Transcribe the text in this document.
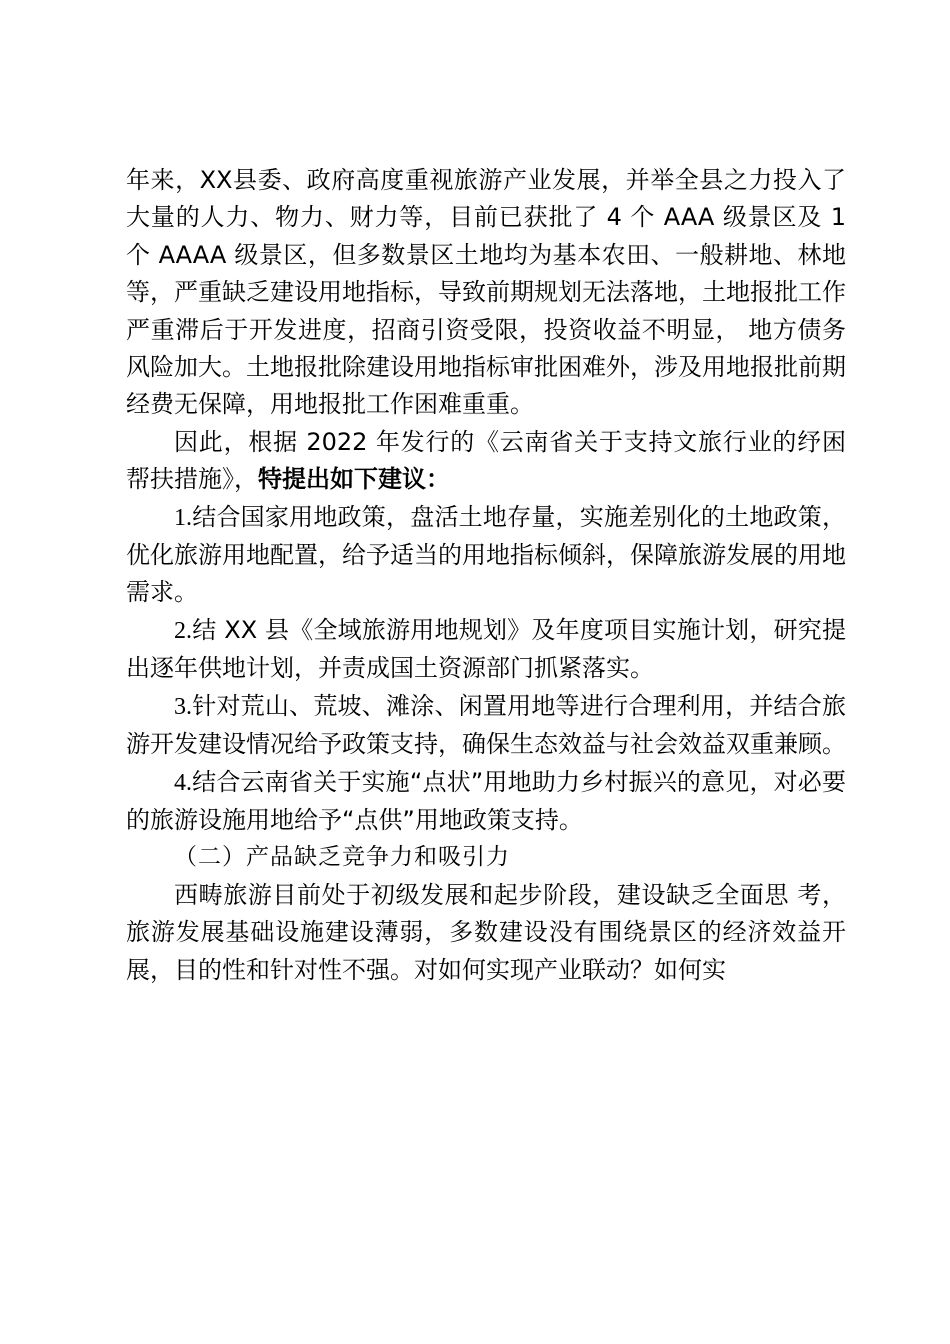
年来，XX县委、政府高度重视旅游产业发展，并举全县之力投入了大量的人力、物力、财力等，目前已获批了 4 个 AAA 级景区及 1 个 AAAA 级景区，但多数景区土地均为基本农田、一般耕地、林地等，严重缺乏建设用地指标，导致前期规划无法落地，土地报批工作严重滞后于开发进度，招商引资受限，投资收益不明显， 地方债务风险加大。土地报批除建设用地指标审批困难外，涉及用地报批前期经费无保障，用地报批工作困难重重。

因此，根据 2022 年发行的《云南省关于支持文旅行业的纾困帮扶措施》，特提出如下建议：

1.结合国家用地政策，盘活土地存量，实施差别化的土地政策，优化旅游用地配置，给予适当的用地指标倾斜，保障旅游发展的用地需求。

2.结 XX 县《全域旅游用地规划》及年度项目实施计划，研究提出逐年供地计划，并责成国土资源部门抓紧落实。

3.针对荒山、荒坡、滩涂、闲置用地等进行合理利用，并结合旅游开发建设情况给予政策支持，确保生态效益与社会效益双重兼顾。

4.结合云南省关于实施“点状”用地助力乡村振兴的意见，对必要的旅游设施用地给予“点供”用地政策支持。

（二）产品缺乏竞争力和吸引力

西畴旅游目前处于初级发展和起步阶段，建设缺乏全面思 考，旅游发展基础设施建设薄弱，多数建设没有围绕景区的经济效益开展，目的性和针对性不强。对如何实现产业联动？如何实
